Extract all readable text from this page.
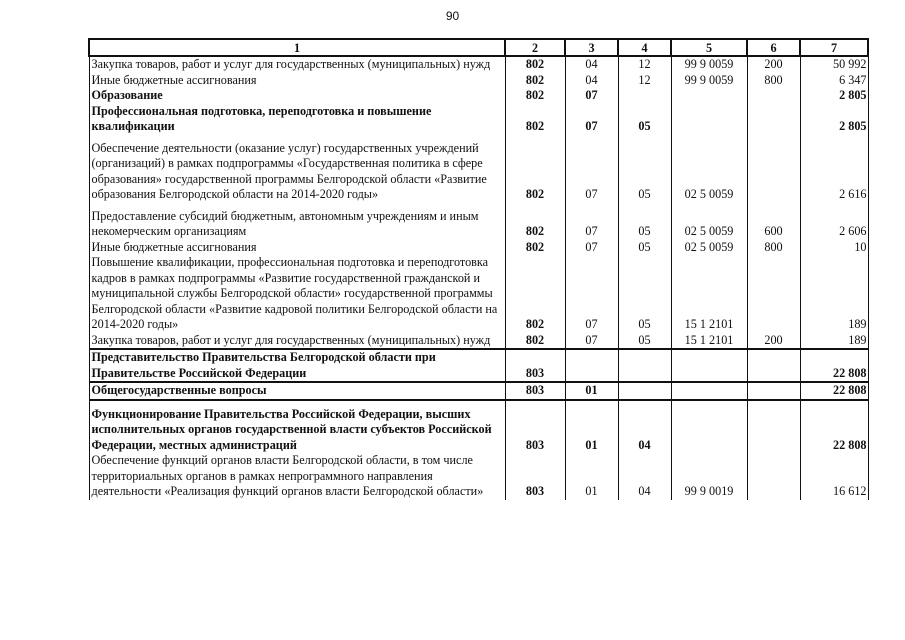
90
1	2	3	4	5	6	7
Закупка товаров, работ и услуг для государственных (муниципальных) нужд	802	04	12	99 9 0059	200	50 992
Иные бюджетные ассигнования	802	04	12	99 9 0059	800	6 347
Образование	802	07				2 805
Профессиональная подготовка, переподготовка и повышение квалификации	802	07	05			2 805
Обеспечение деятельности (оказание услуг) государственных учреждений (организаций) в рамках подпрограммы «Государственная политика в сфере образования» государственной программы Белгородской области «Развитие образования Белгородской области на 2014-2020 годы»	802	07	05	02 5 0059		2 616
Предоставление субсидий бюджетным, автономным учреждениям и иным некомерческим организациям	802	07	05	02 5 0059	600	2 606
Иные бюджетные ассигнования	802	07	05	02 5 0059	800	10
Повышение квалификации, профессиональная подготовка и переподготовка кадров в рамках подпрограммы «Развитие государственной гражданской и муниципальной службы Белгородской области» государственной программы Белгородской области «Развитие кадровой политики Белгородской области на 2014-2020 годы»	802	07	05	15 1 2101		189
Закупка товаров, работ и услуг для государственных (муниципальных) нужд	802	07	05	15 1 2101	200	189
Представительство Правительства Белгородской области при Правительстве Российской Федерации	803					22 808
Общегосударственные вопросы	803	01				22 808
Функционирование Правительства Российской Федерации, высших исполнительных органов государственной власти субъектов Российской Федерации, местных администраций	803	01	04			22 808
Обеспечение функций органов власти Белгородской области, в том числе территориальных органов в рамках непрограммного направления деятельности «Реализация функций органов власти Белгородской области»	803	01	04	99 9 0019		16 612
